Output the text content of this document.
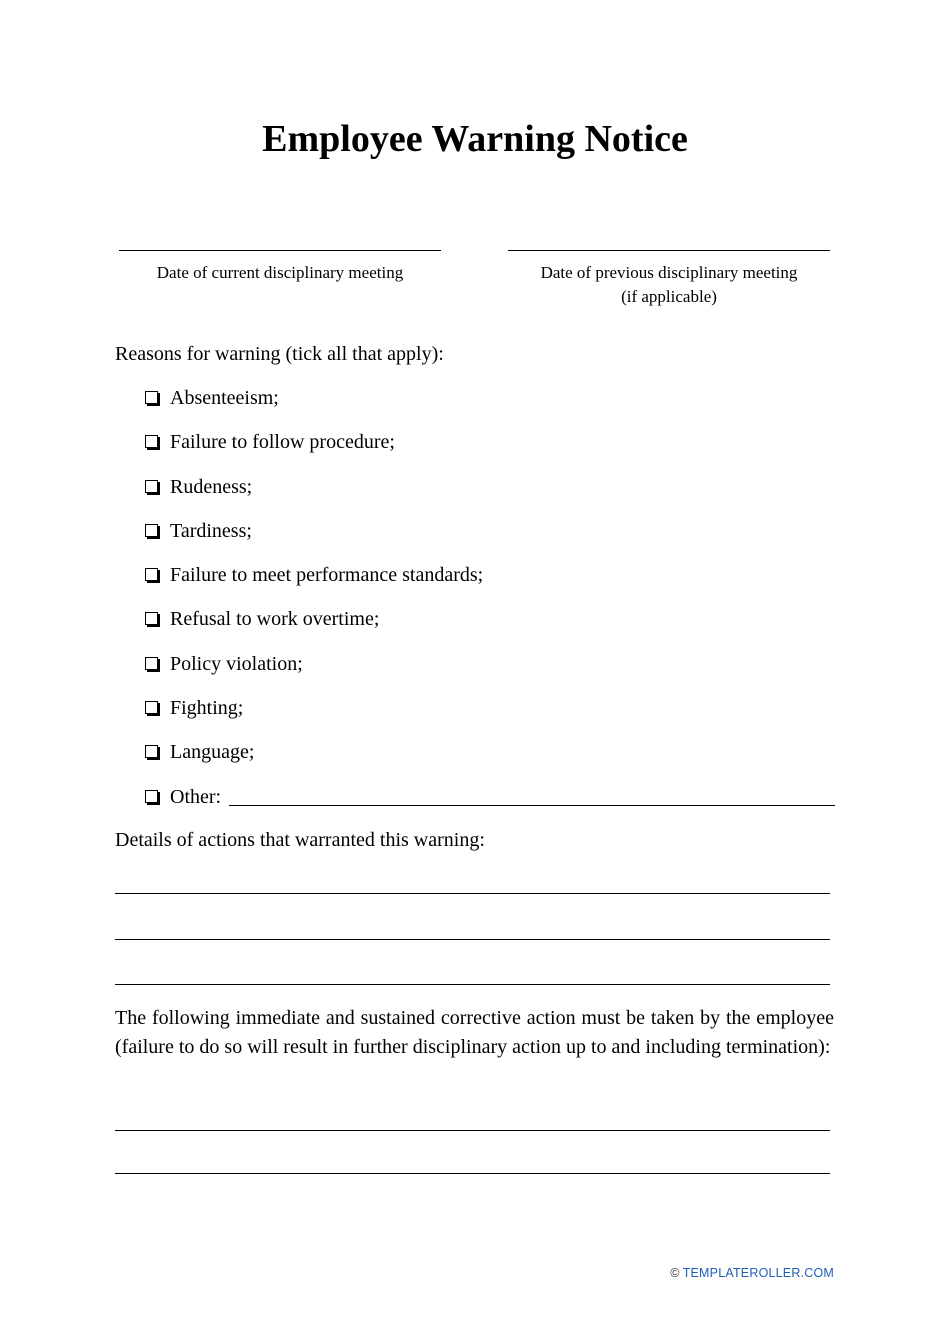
Employee Warning Notice
Date of current disciplinary meeting	Date of previous disciplinary meeting
(if applicable)
Reasons for warning (tick all that apply):
Absenteeism;
Failure to follow procedure;
Rudeness;
Tardiness;
Failure to meet performance standards;
Refusal to work overtime;
Policy violation;
Fighting;
Language;
Other:
Details of actions that warranted this warning:
The following immediate and sustained corrective action must be taken by the employee (failure to do so will result in further disciplinary action up to and including termination):
© TEMPLATEROLLER.COM
